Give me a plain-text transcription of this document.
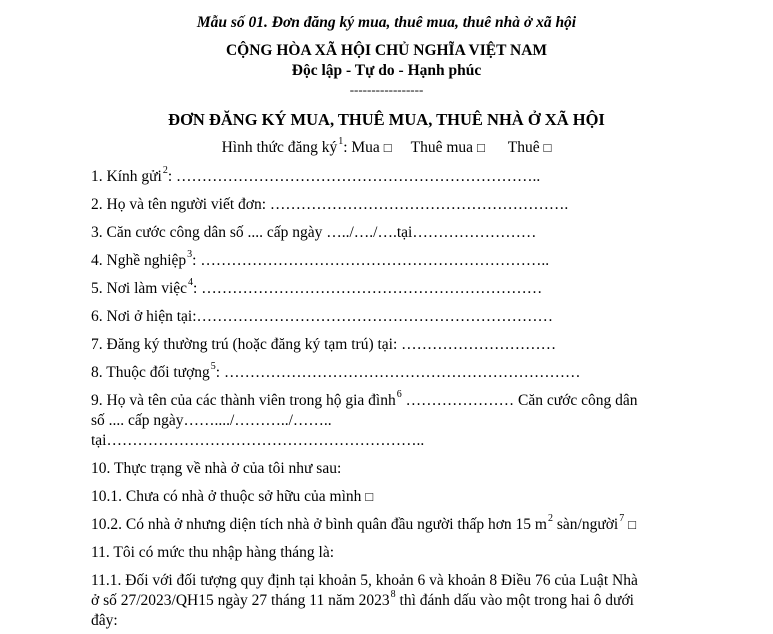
Mẫu số 01. Đơn đăng ký mua, thuê mua, thuê nhà ở xã hội
CỘNG HÒA XÃ HỘI CHỦ NGHĨA VIỆT NAM
Độc lập - Tự do - Hạnh phúc
-----------------
ĐƠN ĐĂNG KÝ MUA, THUÊ MUA, THUÊ NHÀ Ở XÃ HỘI
Hình thức đăng $ký^1$: Mua □ Thuê mua □ Thuê □
1. Kính gửi$^2$: ……………………………………………………………..
2. Họ và tên người viết đơn: ………………………………………………….
3. Căn cước công dân số .... cấp ngày …../…./….tại……………………
4. Nghề nghiệp$^3$: …………………………………………………………..
5. Nơi làm việc$^4$: …………………………………………………………
6. Nơi ở hiện tại:……………………………………………………………
7. Đăng ký thường trú (hoặc đăng ký tạm trú) tại: …………………………
8. Thuộc đối tượng$^5$: ……………………………………………………………
9. Họ và tên của các thành viên trong hộ gia đình$^6$ ………………… Căn cước công dân
số .... cấp ngày……..../………../……..
tại……………………………………………………..
10. Thực trạng về nhà ở của tôi như sau:
10.1. Chưa có nhà ở thuộc sở hữu của mình □
10.2. Có nhà ở nhưng diện tích nhà ở bình quân đầu người thấp hơn 15 $m^2$ sàn/người$^7$ □
11. Tôi có mức thu nhập hàng tháng là:
11.1. Đối với đối tượng quy định tại khoản 5, khoản 6 và khoản 8 Điều 76 của Luật Nhà
ở số 27/2023/QH15 ngày 27 tháng 11 năm 2023$^8$ thì đánh dấu vào một trong hai ô dưới
đây:
